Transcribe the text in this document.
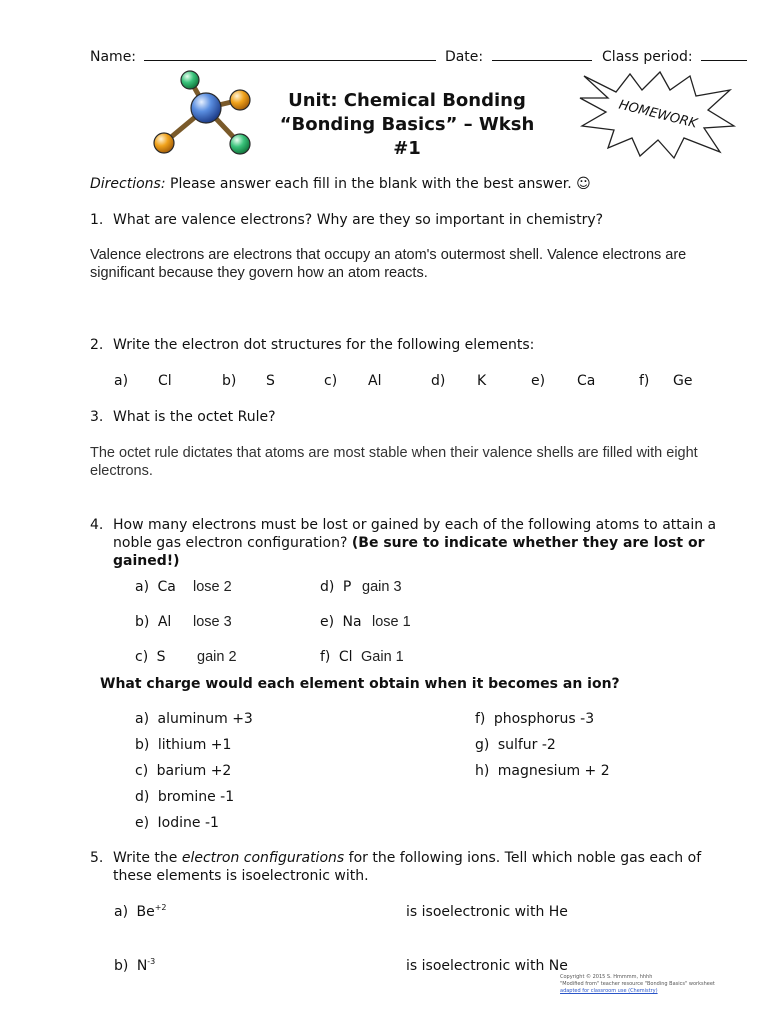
Name:	Date:	Class period:
Unit: Chemical Bonding
“Bonding Basics” – Wksh #1
HOMEWORK
Directions: Please answer each fill in the blank with the best answer. ☺
1. What are valence electrons? Why are they so important in chemistry?
Valence electrons are electrons that occupy an atom's outermost shell. Valence electrons are
significant because they govern how an atom reacts.
2. Write the electron dot structures for the following elements:
a) Cl	b) S	c) Al	d) K	e) Ca	f) Ge
3. What is the octet Rule?
The octet rule dictates that atoms are most stable when their valence shells are filled with eight
electrons.
4. How many electrons must be lost or gained by each of the following atoms to attain a
noble gas electron configuration? (Be sure to indicate whether they are lost or
gained!)
a) Ca lose 2	d) P gain 3
b) Al lose 3	e) Na lose 1
c) S gain 2	f) Cl Gain 1
What charge would each element obtain when it becomes an ion?
a) aluminum +3
b) lithium +1
c) barium +2
d) bromine -1
e) Iodine -1
f) phosphorus -3
g) sulfur -2
h) magnesium + 2
5. Write the electron configurations for the following ions. Tell which noble gas each of
these elements is isoelectronic with.
a) $Be^{+2}$	is isoelectronic with He
b) $N^{-3}$	is isoelectronic with Ne
Copyright © 2015 S. Hmmmm, hhhh
"Modified from" teacher resource "Bonding Basics" worksheet
adapted for classroom use (Chemistry)
